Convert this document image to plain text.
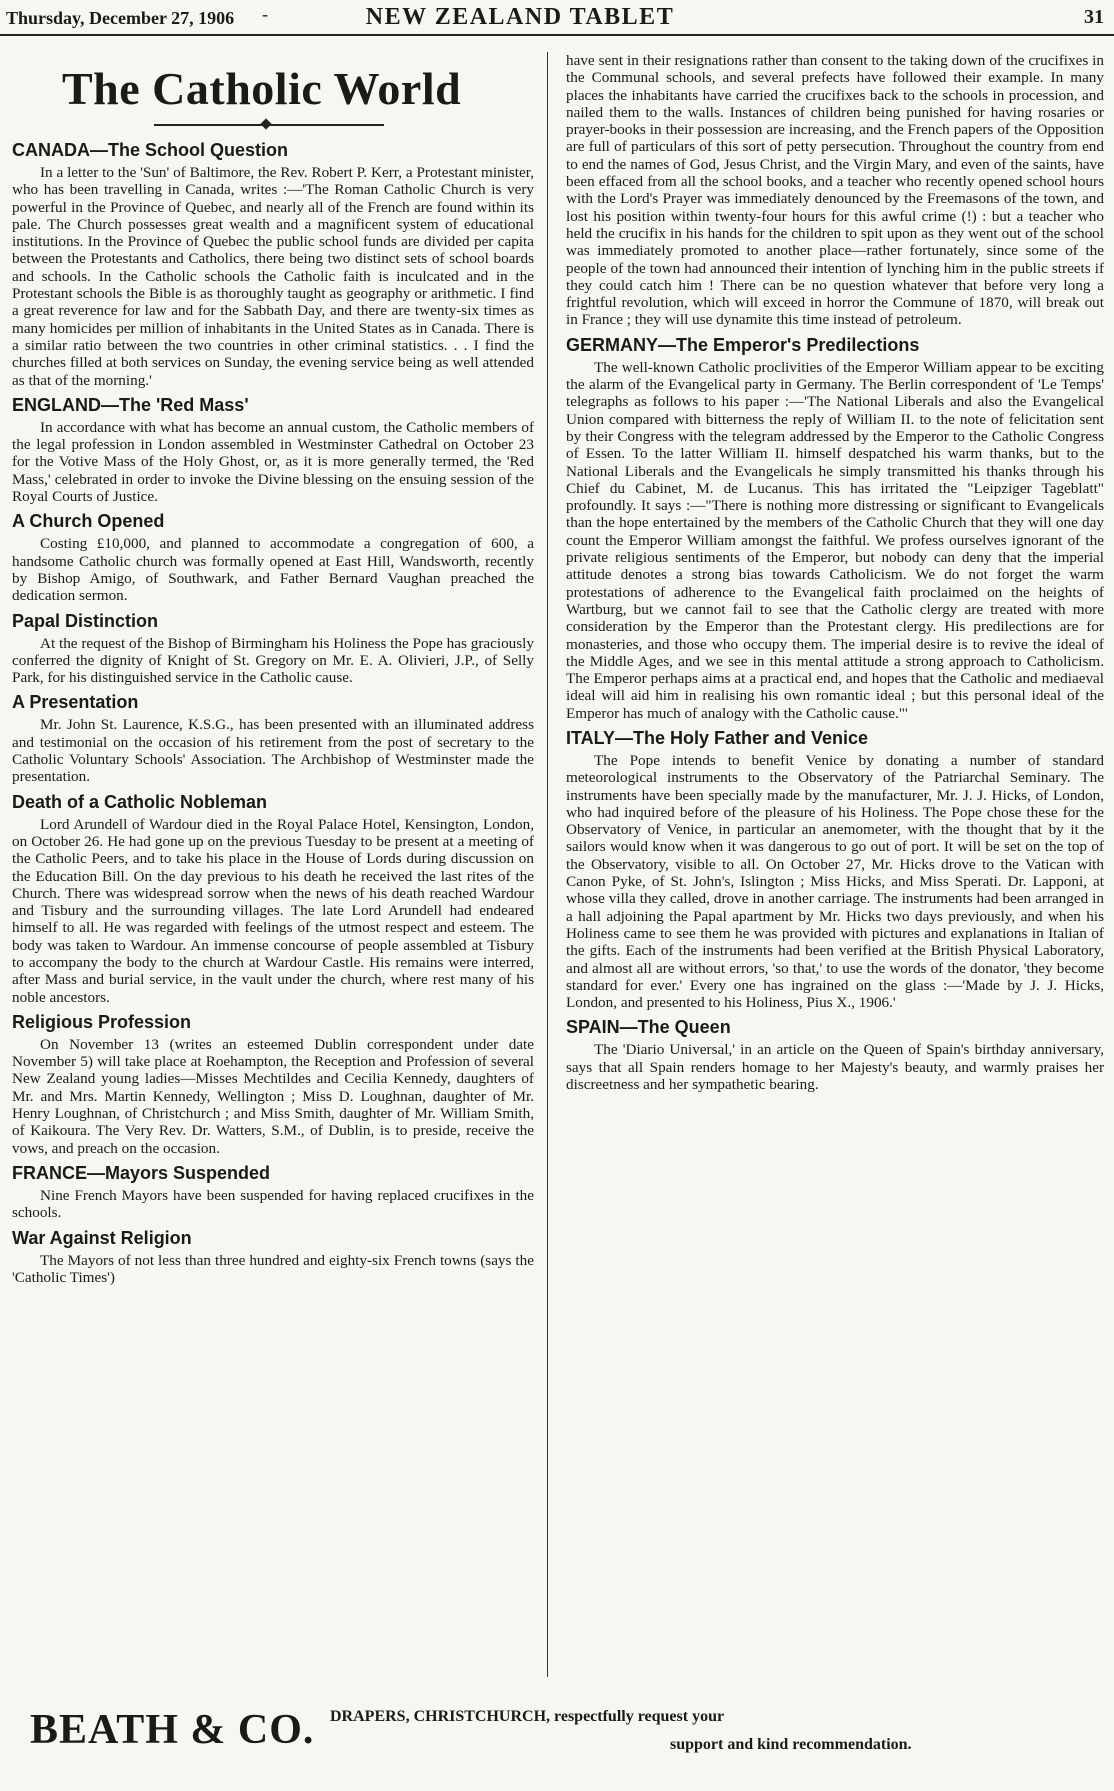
Thursday, December 27, 1906 -	NEW ZEALAND TABLET	31
The Catholic World
CANADA—The School Question

In a letter to the 'Sun' of Baltimore, the Rev. Robert P. Kerr, a Protestant minister, who has been travelling in Canada, writes :—'The Roman Catholic Church is very powerful in the Province of Quebec, and nearly all of the French are found within its pale. The Church possesses great wealth and a magnificent system of educational institutions. In the Province of Quebec the public school funds are divided per capita between the Protestants and Catholics, there being two distinct sets of school boards and schools. In the Catholic schools the Catholic faith is inculcated and in the Protestant schools the Bible is as thoroughly taught as geography or arithmetic. I find a great reverence for law and for the Sabbath Day, and there are twenty-six times as many homicides per million of inhabitants in the United States as in Canada. There is a similar ratio between the two countries in other criminal statistics. . . I find the churches filled at both services on Sunday, the evening service being as well attended as that of the morning.'

ENGLAND—The 'Red Mass'

In accordance with what has become an annual custom, the Catholic members of the legal profession in London assembled in Westminster Cathedral on October 23 for the Votive Mass of the Holy Ghost, or, as it is more generally termed, the 'Red Mass,' celebrated in order to invoke the Divine blessing on the ensuing session of the Royal Courts of Justice.

A Church Opened

Costing £10,000, and planned to accommodate a congregation of 600, a handsome Catholic church was formally opened at East Hill, Wandsworth, recently by Bishop Amigo, of Southwark, and Father Bernard Vaughan preached the dedication sermon.

Papal Distinction

At the request of the Bishop of Birmingham his Holiness the Pope has graciously conferred the dignity of Knight of St. Gregory on Mr. E. A. Olivieri, J.P., of Selly Park, for his distinguished service in the Catholic cause.

A Presentation

Mr. John St. Laurence, K.S.G., has been presented with an illuminated address and testimonial on the occasion of his retirement from the post of secretary to the Catholic Voluntary Schools' Association. The Archbishop of Westminster made the presentation.

Death of a Catholic Nobleman

Lord Arundell of Wardour died in the Royal Palace Hotel, Kensington, London, on October 26. He had gone up on the previous Tuesday to be present at a meeting of the Catholic Peers, and to take his place in the House of Lords during discussion on the Education Bill. On the day previous to his death he received the last rites of the Church. There was widespread sorrow when the news of his death reached Wardour and Tisbury and the surrounding villages. The late Lord Arundell had endeared himself to all. He was regarded with feelings of the utmost respect and esteem. The body was taken to Wardour. An immense concourse of people assembled at Tisbury to accompany the body to the church at Wardour Castle. His remains were interred, after Mass and burial service, in the vault under the church, where rest many of his noble ancestors.

Religious Profession

On November 13 (writes an esteemed Dublin correspondent under date November 5) will take place at Roehampton, the Reception and Profession of several New Zealand young ladies—Misses Mechtildes and Cecilia Kennedy, daughters of Mr. and Mrs. Martin Kennedy, Wellington ; Miss D. Loughnan, daughter of Mr. Henry Loughnan, of Christchurch ; and Miss Smith, daughter of Mr. William Smith, of Kaikoura. The Very Rev. Dr. Watters, S.M., of Dublin, is to preside, receive the vows, and preach on the occasion.

FRANCE—Mayors Suspended

Nine French Mayors have been suspended for having replaced crucifixes in the schools.

War Against Religion

The Mayors of not less than three hundred and eighty-six French towns (says the 'Catholic Times')

have sent in their resignations rather than consent to the taking down of the crucifixes in the Communal schools, and several prefects have followed their example. In many places the inhabitants have carried the crucifixes back to the schools in procession, and nailed them to the walls. Instances of children being punished for having rosaries or prayer-books in their possession are increasing, and the French papers of the Opposition are full of particulars of this sort of petty persecution. Throughout the country from end to end the names of God, Jesus Christ, and the Virgin Mary, and even of the saints, have been effaced from all the school books, and a teacher who recently opened school hours with the Lord's Prayer was immediately denounced by the Freemasons of the town, and lost his position within twenty-four hours for this awful crime (!) : but a teacher who held the crucifix in his hands for the children to spit upon as they went out of the school was immediately promoted to another place—rather fortunately, since some of the people of the town had announced their intention of lynching him in the public streets if they could catch him ! There can be no question whatever that before very long a frightful revolution, which will exceed in horror the Commune of 1870, will break out in France ; they will use dynamite this time instead of petroleum.

GERMANY—The Emperor's Predilections

The well-known Catholic proclivities of the Emperor William appear to be exciting the alarm of the Evangelical party in Germany. The Berlin correspondent of 'Le Temps' telegraphs as follows to his paper :—'The National Liberals and also the Evangelical Union compared with bitterness the reply of William II. to the note of felicitation sent by their Congress with the telegram addressed by the Emperor to the Catholic Congress of Essen. To the latter William II. himself despatched his warm thanks, but to the National Liberals and the Evangelicals he simply transmitted his thanks through his Chief du Cabinet, M. de Lucanus. This has irritated the "Leipziger Tageblatt" profoundly. It says :—"There is nothing more distressing or significant to Evangelicals than the hope entertained by the members of the Catholic Church that they will one day count the Emperor William amongst the faithful. We profess ourselves ignorant of the private religious sentiments of the Emperor, but nobody can deny that the imperial attitude denotes a strong bias towards Catholicism. We do not forget the warm protestations of adherence to the Evangelical faith proclaimed on the heights of Wartburg, but we cannot fail to see that the Catholic clergy are treated with more consideration by the Emperor than the Protestant clergy. His predilections are for monasteries, and those who occupy them. The imperial desire is to revive the ideal of the Middle Ages, and we see in this mental attitude a strong approach to Catholicism. The Emperor perhaps aims at a practical end, and hopes that the Catholic and mediaeval ideal will aid him in realising his own romantic ideal ; but this personal ideal of the Emperor has much of analogy with the Catholic cause."'

ITALY—The Holy Father and Venice

The Pope intends to benefit Venice by donating a number of standard meteorological instruments to the Observatory of the Patriarchal Seminary. The instruments have been specially made by the manufacturer, Mr. J. J. Hicks, of London, who had inquired before of the pleasure of his Holiness. The Pope chose these for the Observatory of Venice, in particular an anemometer, with the thought that by it the sailors would know when it was dangerous to go out of port. It will be set on the top of the Observatory, visible to all. On October 27, Mr. Hicks drove to the Vatican with Canon Pyke, of St. John's, Islington ; Miss Hicks, and Miss Sperati. Dr. Lapponi, at whose villa they called, drove in another carriage. The instruments had been arranged in a hall adjoining the Papal apartment by Mr. Hicks two days previously, and when his Holiness came to see them he was provided with pictures and explanations in Italian of the gifts. Each of the instruments had been verified at the British Physical Laboratory, and almost all are without errors, 'so that,' to use the words of the donator, 'they become standard for ever.' Every one has ingrained on the glass :—'Made by J. J. Hicks, London, and presented to his Holiness, Pius X., 1906.'

SPAIN—The Queen

The 'Diario Universal,' in an article on the Queen of Spain's birthday anniversary, says that all Spain renders homage to her Majesty's beauty, and warmly praises her discreetness and her sympathetic bearing.

BEATH & CO. DRAPERS, CHRISTCHURCH, respectfully request your
support and kind recommendation.
